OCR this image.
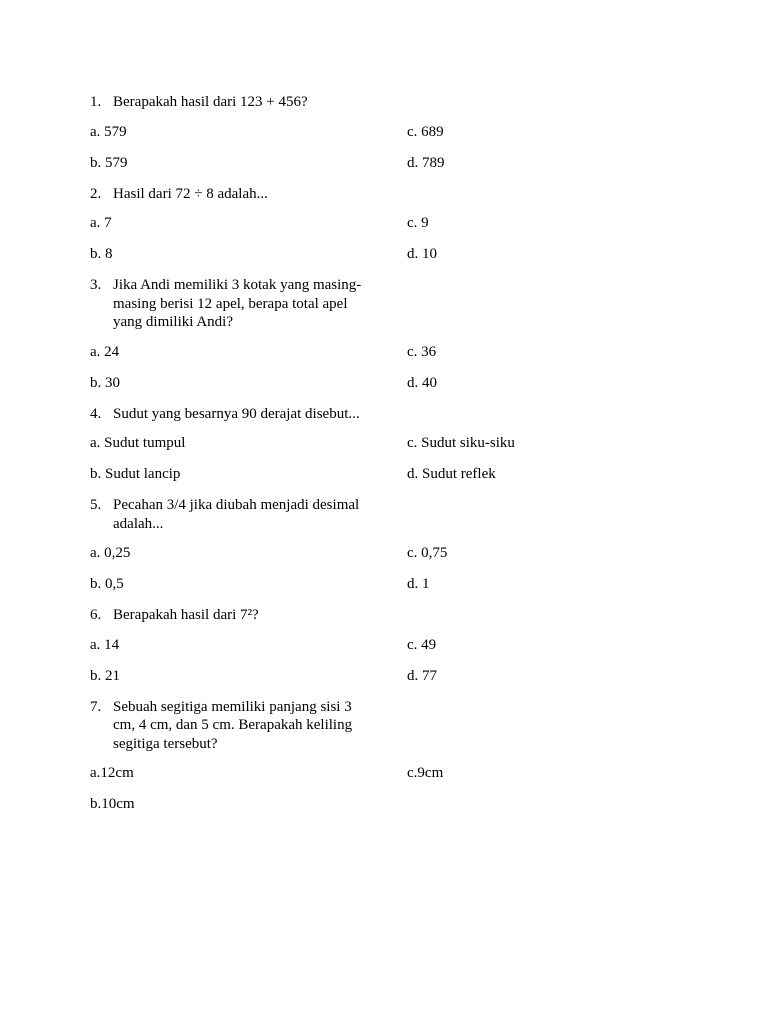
1. Berapakah hasil dari 123 + 456?
a. 579	c. 689
b. 579	d. 789
2. Hasil dari 72 ÷ 8 adalah...
a. 7	c. 9
b. 8	d. 10
3. Jika Andi memiliki 3 kotak yang masing-masing berisi 12 apel, berapa total apel yang dimiliki Andi?
a. 24	c. 36
b. 30	d. 40
4. Sudut yang besarnya 90 derajat disebut...
a. Sudut tumpul	c. Sudut siku-siku
b. Sudut lancip	d. Sudut reflek
5. Pecahan 3/4 jika diubah menjadi desimal adalah...
a. 0,25	c. 0,75
b. 0,5	d. 1
6. Berapakah hasil dari 7²?
a. 14	c. 49
b. 21	d. 77
7. Sebuah segitiga memiliki panjang sisi 3 cm, 4 cm, dan 5 cm. Berapakah keliling segitiga tersebut?
a.12cm	c.9cm
b.10cm
